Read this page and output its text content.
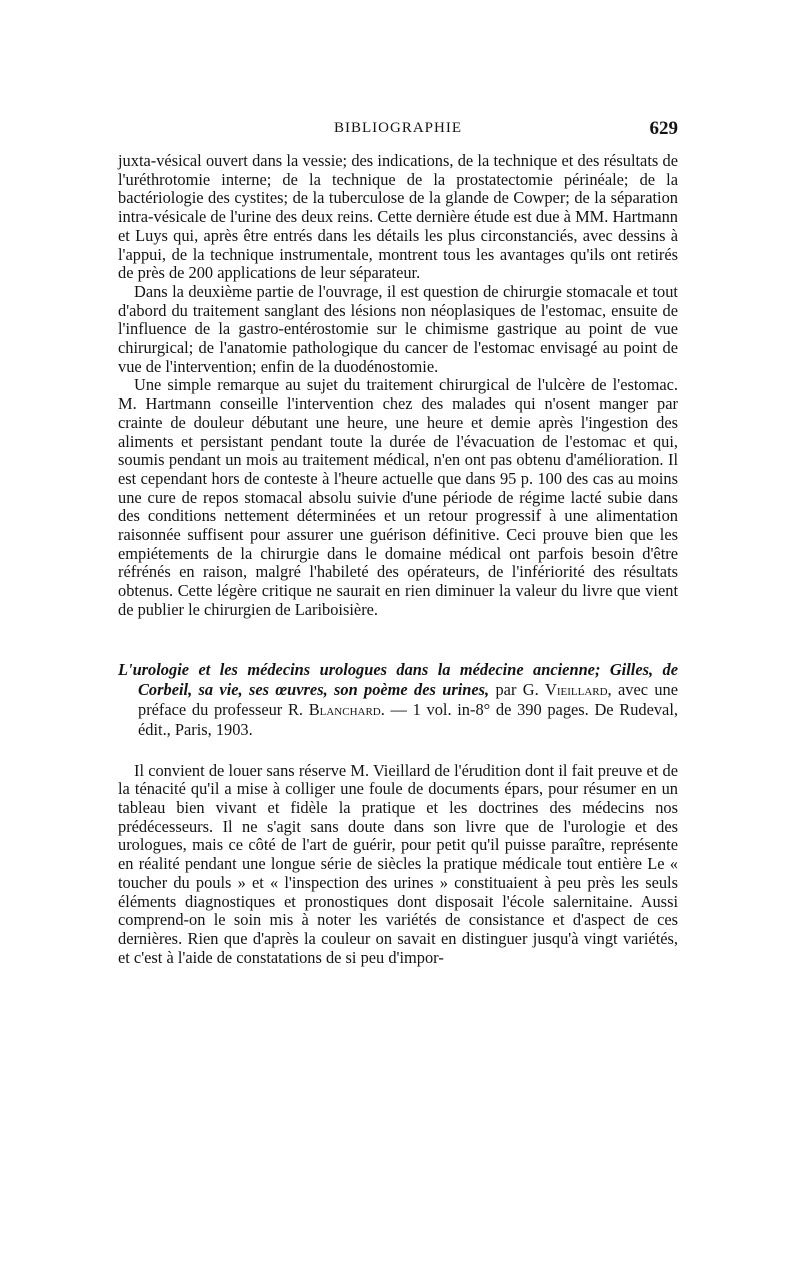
BIBLIOGRAPHIE	629

juxta-vésical ouvert dans la vessie; des indications, de la technique et des résultats de l'uréthrotomie interne; de la technique de la prostatectomie périnéale; de la bactériologie des cystites; de la tuberculose de la glande de Cowper; de la séparation intra-vésicale de l'urine des deux reins. Cette dernière étude est due à MM. Hartmann et Luys qui, après être entrés dans les détails les plus circonstanciés, avec dessins à l'appui, de la technique instrumentale, montrent tous les avantages qu'ils ont retirés de près de 200 applications de leur séparateur.

Dans la deuxième partie de l'ouvrage, il est question de chirurgie stomacale et tout d'abord du traitement sanglant des lésions non néoplasiques de l'estomac, ensuite de l'influence de la gastro-entérostomie sur le chimisme gastrique au point de vue chirurgical; de l'anatomie pathologique du cancer de l'estomac envisagé au point de vue de l'intervention; enfin de la duodénostomie.

Une simple remarque au sujet du traitement chirurgical de l'ulcère de l'estomac. M. Hartmann conseille l'intervention chez des malades qui n'osent manger par crainte de douleur débutant une heure, une heure et demie après l'ingestion des aliments et persistant pendant toute la durée de l'évacuation de l'estomac et qui, soumis pendant un mois au traitement médical, n'en ont pas obtenu d'amélioration. Il est cependant hors de conteste à l'heure actuelle que dans 95 p. 100 des cas au moins une cure de repos stomacal absolu suivie d'une période de régime lacté subie dans des conditions nettement déterminées et un retour progressif à une alimentation raisonnée suffisent pour assurer une guérison définitive. Ceci prouve bien que les empiétements de la chirurgie dans le domaine médical ont parfois besoin d'être réfrénés en raison, malgré l'habileté des opérateurs, de l'infériorité des résultats obtenus. Cette légère critique ne saurait en rien diminuer la valeur du livre que vient de publier le chirurgien de Lariboisière.

L'urologie et les médecins urologues dans la médecine ancienne; Gilles, de Corbeil, sa vie, ses œuvres, son poème des urines, par G. Vieillard, avec une préface du professeur R. Blanchard. — 1 vol. in-8° de 390 pages. De Rudeval, édit., Paris, 1903.

Il convient de louer sans réserve M. Vieillard de l'érudition dont il fait preuve et de la ténacité qu'il a mise à colliger une foule de documents épars, pour résumer en un tableau bien vivant et fidèle la pratique et les doctrines des médecins nos prédécesseurs. Il ne s'agit sans doute dans son livre que de l'urologie et des urologues, mais ce côté de l'art de guérir, pour petit qu'il puisse paraître, représente en réalité pendant une longue série de siècles la pratique médicale tout entière Le « toucher du pouls » et « l'inspection des urines » constituaient à peu près les seuls éléments diagnostiques et pronostiques dont disposait l'école salernitaine. Aussi comprend-on le soin mis à noter les variétés de consistance et d'aspect de ces dernières. Rien que d'après la couleur on savait en distinguer jusqu'à vingt variétés, et c'est à l'aide de constatations de si peu d'impor-
